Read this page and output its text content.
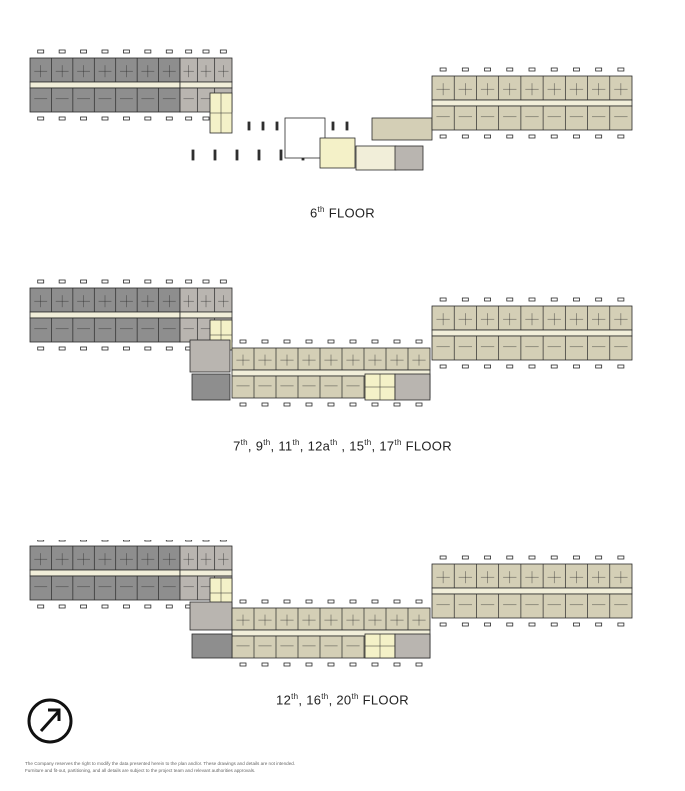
6th FLOOR
7th, 9th, 11th, $12a^{th}$ , 15th, 17th FLOOR
12th, 16th, 20th FLOOR
The Company reserves the right to modify the data presented herein to the plan and/or. These drawings and details are not intended.
Furniture and fit-out, partitioning, and all details are subject to the project team and relevant authorities approvals.
